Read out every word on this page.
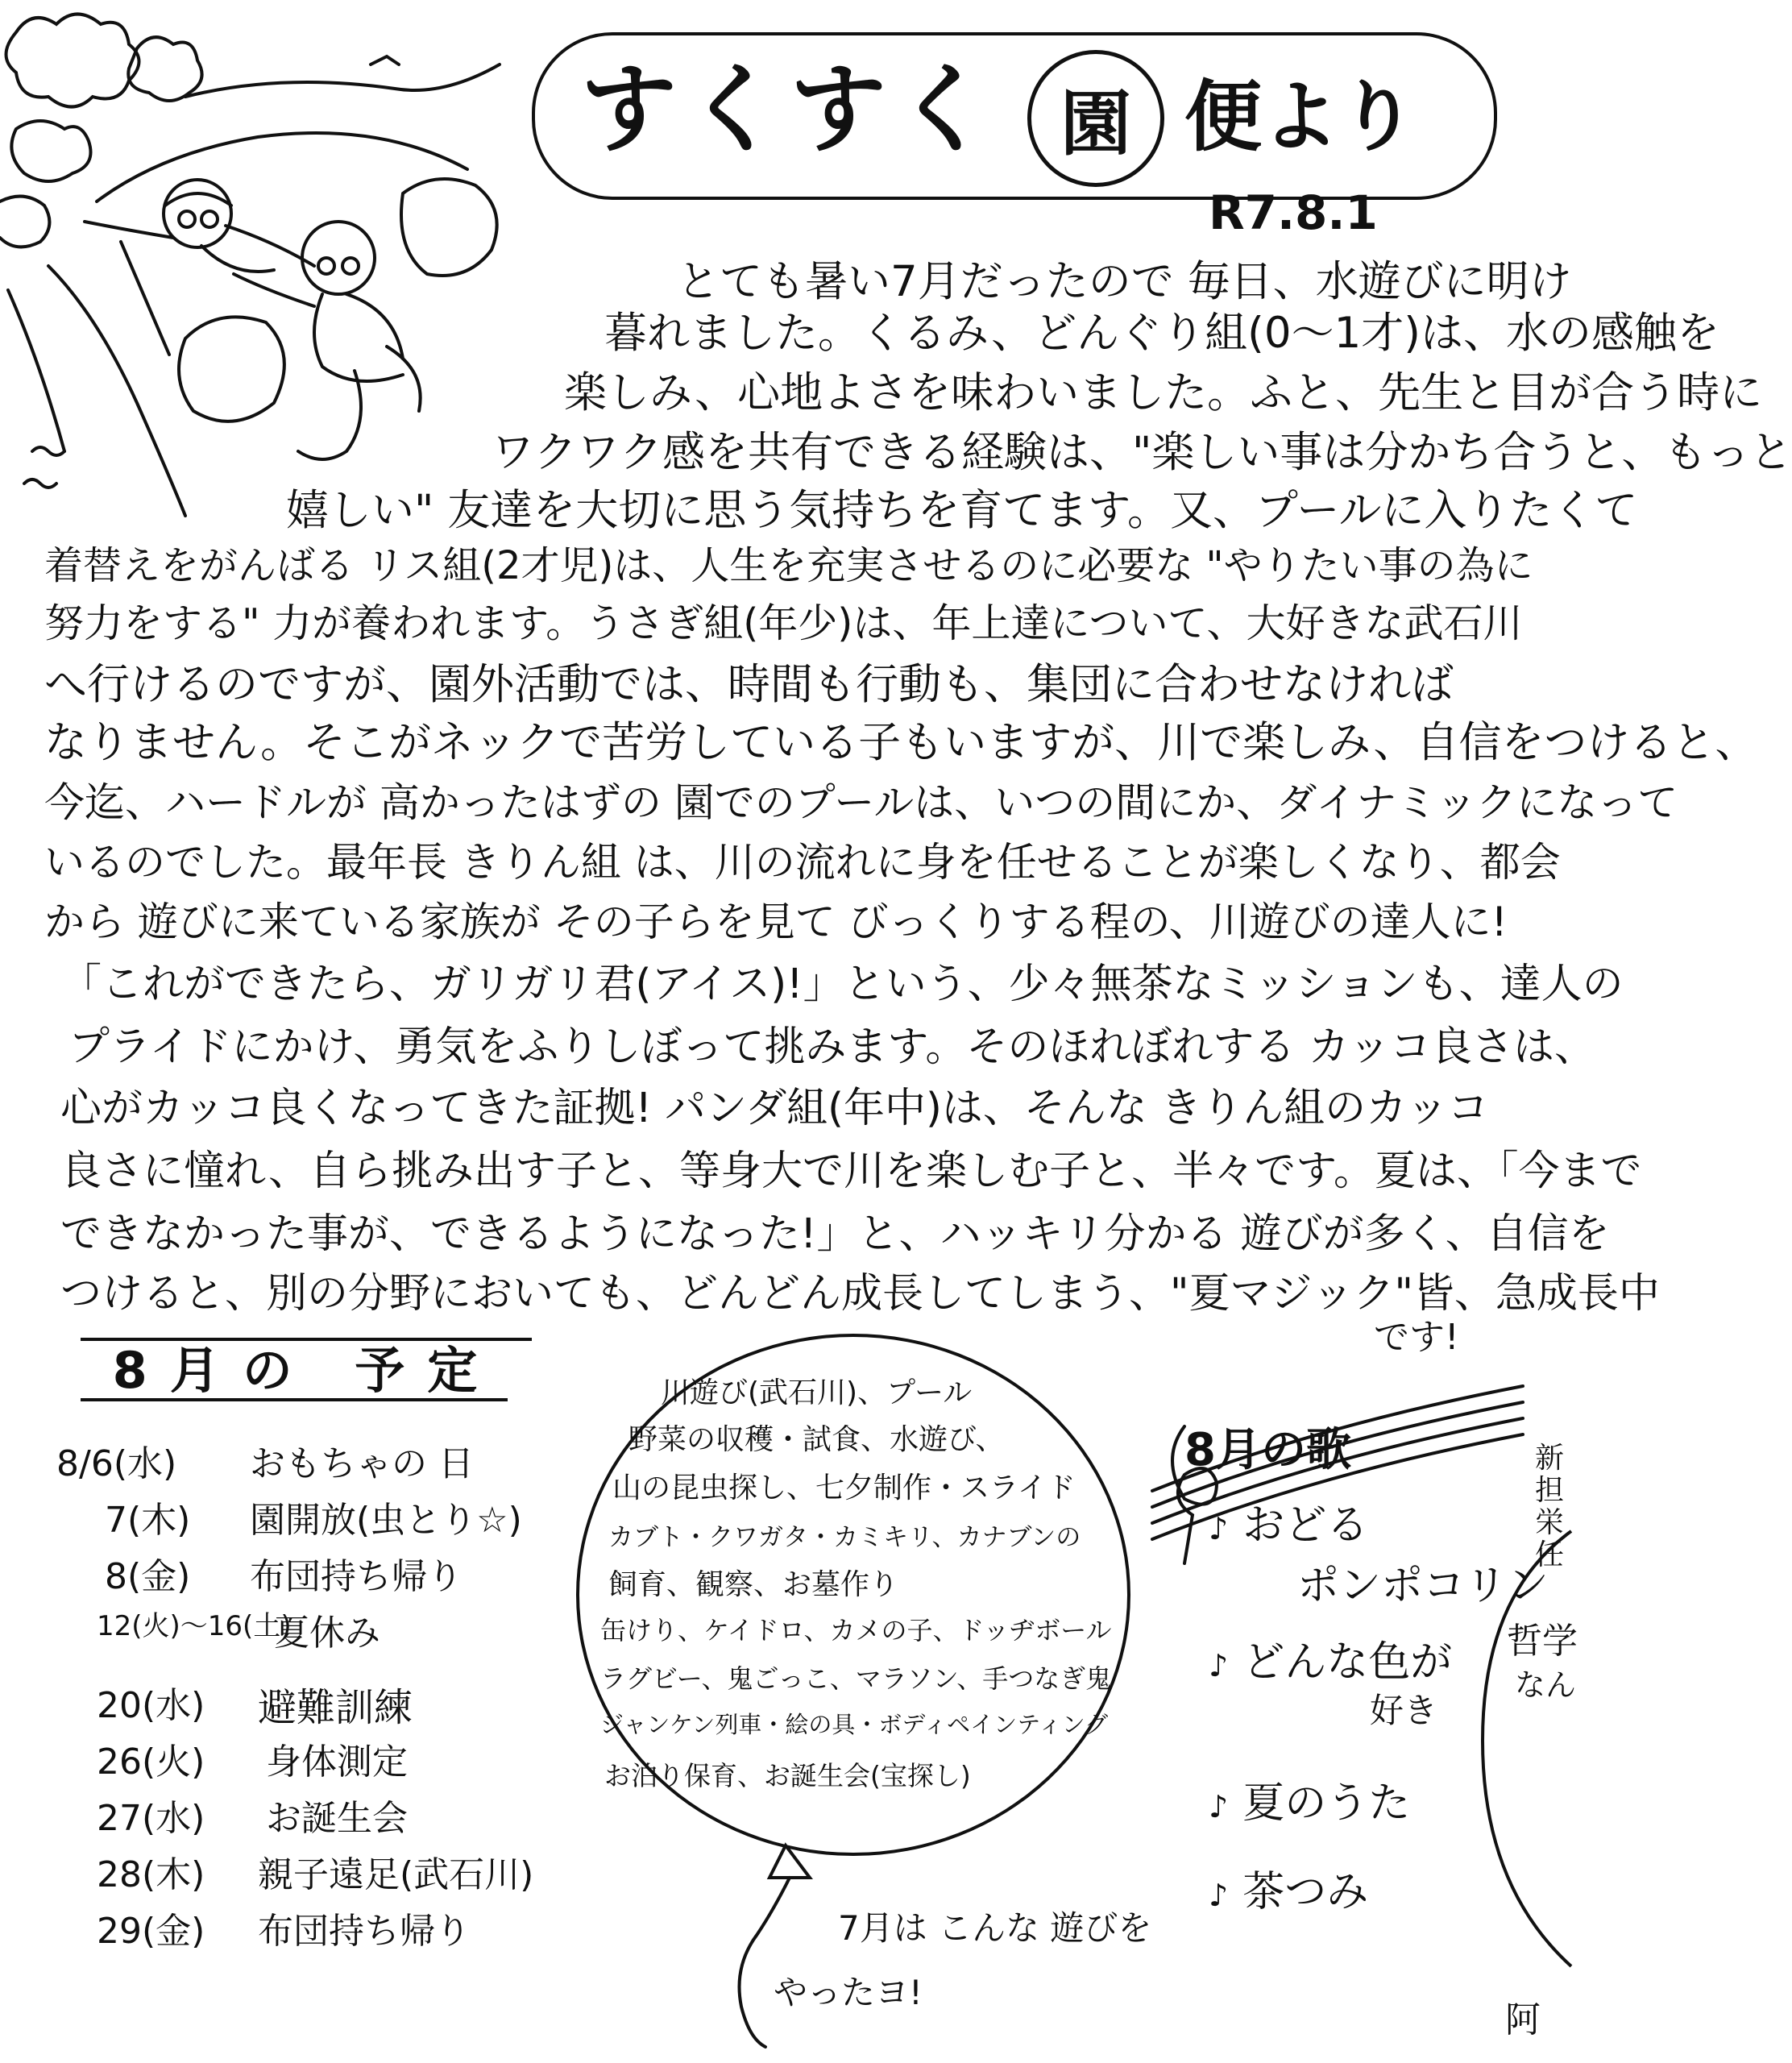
すくすく 園 便より
R7.8.1
とても暑い7月だったので 毎日、水遊びに明け
暮れました。くるみ、どんぐり組(0〜1才)は、水の感触を
楽しみ、心地よさを味わいました。ふと、先生と目が合う時に
ワクワク感を共有できる経験は、"楽しい事は分かち合うと、もっと
嬉しい" 友達を大切に思う気持ちを育てます。又、プールに入りたくて
着替えをがんばる リス組(2才児)は、人生を充実させるのに必要な "やりたい事の為に
努力をする" 力が養われます。うさぎ組(年少)は、年上達について、大好きな武石川
へ行けるのですが、園外活動では、時間も行動も、集団に合わせなければ
なりません。そこがネックで苦労している子もいますが、川で楽しみ、自信をつけると、
今迄、ハードルが 高かったはずの 園でのプールは、いつの間にか、ダイナミックになって
いるのでした。最年長 きりん組 は、川の流れに身を任せることが楽しくなり、都会
から 遊びに来ている家族が その子らを見て びっくりする程の、川遊びの達人に!
「これができたら、ガリガリ君(アイス)!」という、少々無茶なミッションも、達人の
プライドにかけ、勇気をふりしぼって挑みます。そのほれぼれする カッコ良さは、
心がカッコ良くなってきた証拠! パンダ組(年中)は、そんな きりん組のカッコ
良さに憧れ、自ら挑み出す子と、等身大で川を楽しむ子と、半々です。夏は、「今まで
できなかった事が、できるようになった!」と、ハッキリ分かる 遊びが多く、自信を
つけると、別の分野においても、どんどん成長してしまう、"夏マジック"皆、急成長中
です!
8月の 予定
8/6(水) おもちゃの 日
7(木) 園開放(虫とり☆)
8(金) 布団持ち帰り
12(火)〜16(土)
夏休み
20(水) 避難訓練
26(火) 身体測定
27(水) お誕生会
28(木) 親子遠足(武石川)
29(金) 布団持ち帰り
川遊び(武石川)、プール
野菜の収穫・試食、水遊び、
山の昆虫探し、七夕制作・スライド
カブト・クワガタ・カミキリ、カナブンの
飼育、観察、お墓作り
缶けり、ケイドロ、カメの子、ドッヂボール
ラグビー、鬼ごっこ、マラソン、手つなぎ鬼
ジャンケン列車・絵の具・ボディペインティング
お泊り保育、お誕生会(宝探し)
7月は こんな 遊びを
やったヨ!
8月の歌
♪ おどる
ポンポコリン
♪ どんな色が
好き
♪ 夏のうた
♪ 茶つみ
新 担 栄 任
哲学
なん
阿
